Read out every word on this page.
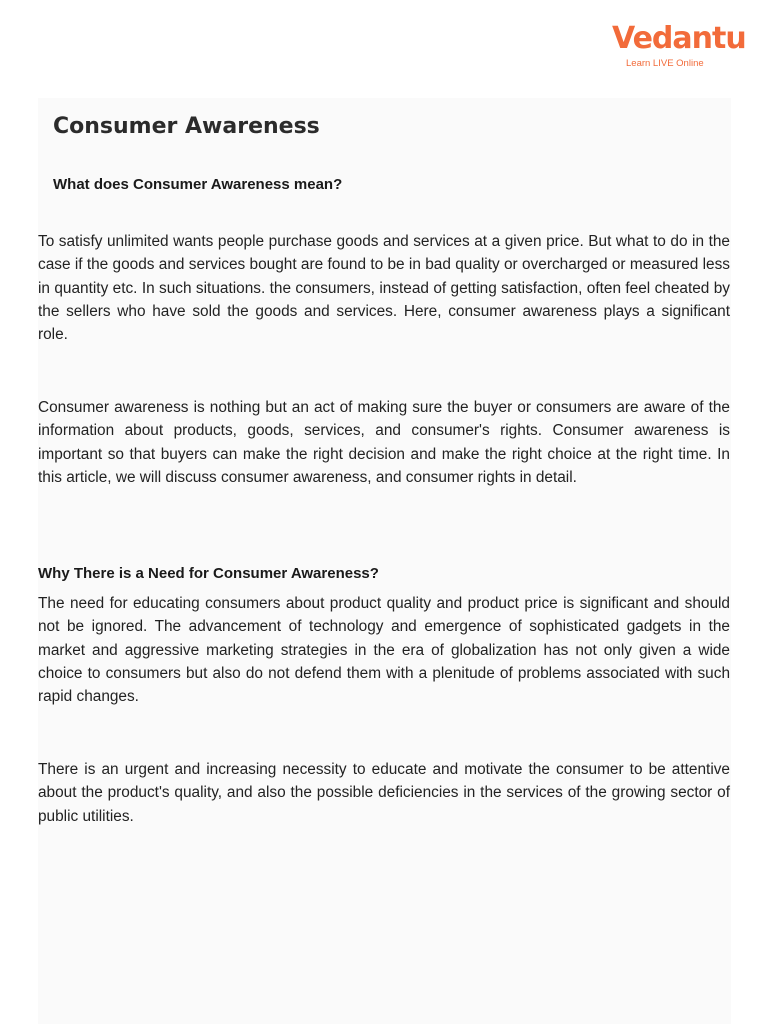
Vedantu
Learn LIVE Online
Consumer Awareness
What does Consumer Awareness mean?

To satisfy unlimited wants people purchase goods and services at a given price. But what to do in the case if the goods and services bought are found to be in bad quality or overcharged or measured less in quantity etc. In such situations. the consumers, instead of getting satisfaction, often feel cheated by the sellers who have sold the goods and services. Here, consumer awareness plays a significant role.

Consumer awareness is nothing but an act of making sure the buyer or consumers are aware of the information about products, goods, services, and consumer's rights. Consumer awareness is important so that buyers can make the right decision and make the right choice at the right time. In this article, we will discuss consumer awareness, and consumer rights in detail.

Why There is a Need for Consumer Awareness?

The need for educating consumers about product quality and product price is significant and should not be ignored. The advancement of technology and emergence of sophisticated gadgets in the market and aggressive marketing strategies in the era of globalization has not only given a wide choice to consumers but also do not defend them with a plenitude of problems associated with such rapid changes.

There is an urgent and increasing necessity to educate and motivate the consumer to be attentive about the product's quality, and also the possible deficiencies in the services of the growing sector of public utilities.
